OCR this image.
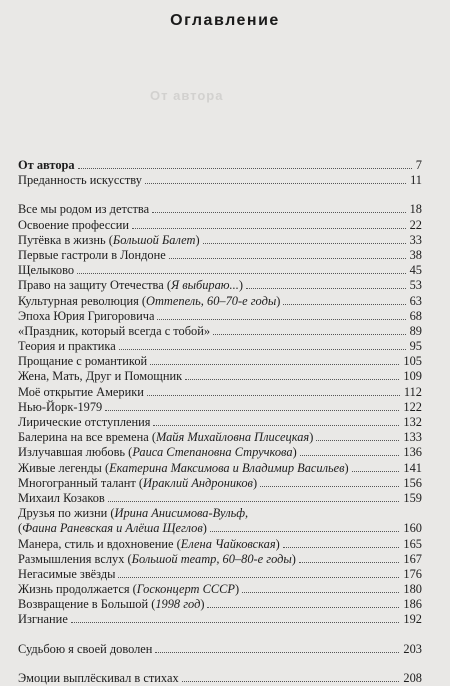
От автора
Оглавление
От автора	7
Преданность искусству	11
Все мы родом из детства	18
Освоение профессии	22
Путёвка в жизнь (Большой Балет)	33
Первые гастроли в Лондоне	38
Щелыково	45
Право на защиту Отечества (Я выбираю...)	53
Культурная революция (Оттепель, 60–70-е годы)	63
Эпоха Юрия Григоровича	68
«Праздник, который всегда с тобой»	89
Теория и практика	95
Прощание с романтикой	105
Жена, Мать, Друг и Помощник	109
Моё открытие Америки	112
Нью-Йорк-1979	122
Лирические отступления	132
Балерина на все времена (Майя Михайловна Плисецкая)	133
Излучавшая любовь (Раиса Степановна Стручкова)	136
Живые легенды (Екатерина Максимова и Владимир Васильев)	141
Многогранный талант (Ираклий Андроников)	156
Михаил Козаков	159
Друзья по жизни (Ирина Анисимова-Вульф,
(Фаина Раневская и Алёша Щеглов)	160
Манера, стиль и вдохновение (Елена Чайковская)	165
Размышления вслух (Большой театр, 60–80-е годы)	167
Негасимые звёзды	176
Жизнь продолжается (Госконцерт СССР)	180
Возвращение в Большой (1998 год)	186
Изгнание	192
Судьбою я своей доволен	203
Эмоции выплёскивал в стихах	208
